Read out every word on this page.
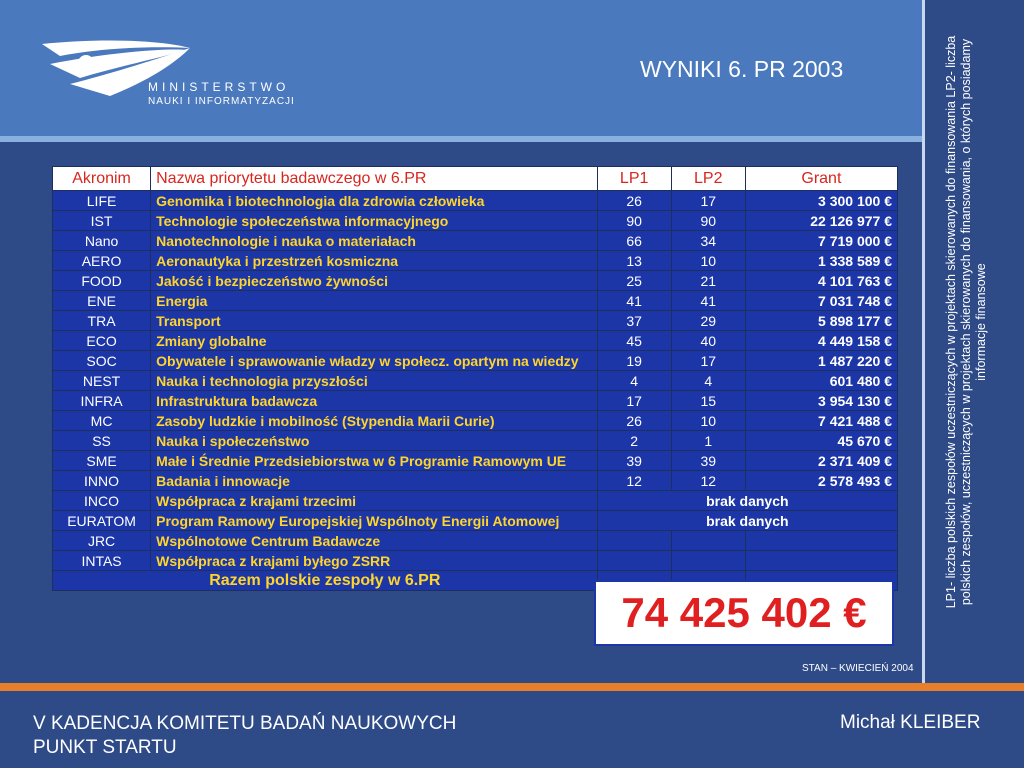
MINISTERSTWO
NAUKI I INFORMATYZACJI
WYNIKI 6. PR 2003	LP1- liczba polskich zespołów uczestniczących w projektach skierowanych do finansowania LP2- liczba polskich zespołów, uczestniczących w projektach skierowanych do finansowania, o których posiadamy informacje finansowe
Akronim	Nazwa priorytetu badawczego w 6.PR	LP1	LP2	Grant
LIFE	Genomika i biotechnologia dla zdrowia człowieka	26	17	3 300 100 €
IST	Technologie społeczeństwa informacyjnego	90	90	22 126 977 €
Nano	Nanotechnologie i nauka o materiałach	66	34	7 719 000 €
AERO	Aeronautyka i przestrzeń kosmiczna	13	10	1 338 589 €
FOOD	Jakość i bezpieczeństwo żywności	25	21	4 101 763 €
ENE	Energia	41	41	7 031 748 €
TRA	Transport	37	29	5 898 177 €
ECO	Zmiany globalne	45	40	4 449 158 €
SOC	Obywatele i sprawowanie władzy w społecz. opartym na wiedzy	19	17	1 487 220 €
NEST	Nauka i technologia przyszłości	4	4	601 480 €
INFRA	Infrastruktura badawcza	17	15	3 954 130 €
MC	Zasoby ludzkie i mobilność (Stypendia Marii Curie)	26	10	7 421 488 €
SS	Nauka i społeczeństwo	2	1	45 670 €
SME	Małe i Średnie Przedsiebiorstwa w 6 Programie Ramowym UE	39	39	2 371 409 €
INNO	Badania i innowacje	12	12	2 578 493 €
INCO	Współpraca z krajami trzecimi	brak danych		
EURATOM	Program Ramowy Europejskiej Wspólnoty Energii Atomowej	brak danych		
JRC	Wspólnotowe Centrum Badawcze			
INTAS	Współpraca z krajami byłego ZSRR			
Razem polskie zespoły w 6.PR				
74 425 402 €
STAN – KWIECIEŃ 2004
V KADENCJA KOMITETU BADAŃ NAUKOWYCH
PUNKT STARTU
Michał KLEIBER
